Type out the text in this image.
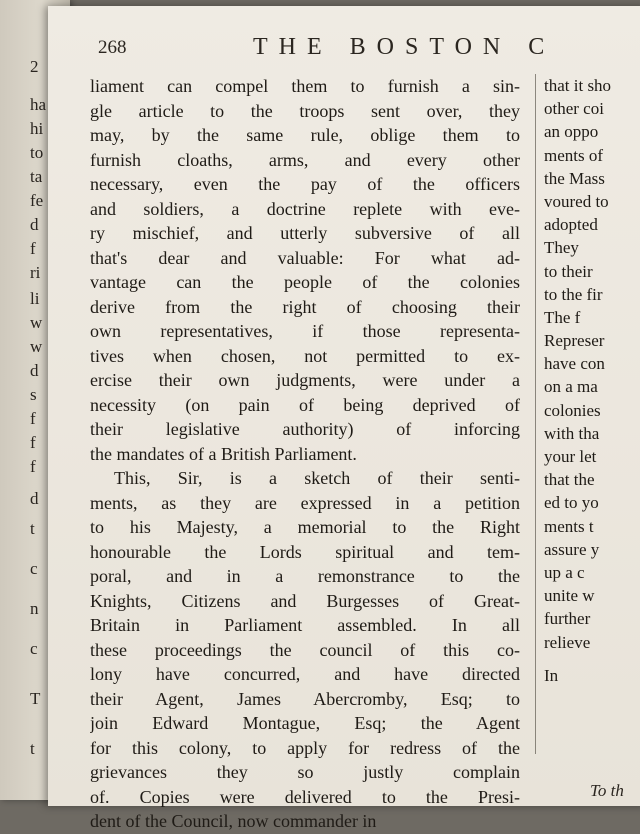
2
ha
hi
to
ta
fe
d
f
ri
li
w
w
d
s
f
f
f
d
t
c
n
c
T
t
268	THE BOSTON C
liament can compel them to furnish a sin-
gle article to the troops sent over, they
may, by the same rule, oblige them to
furnish cloaths, arms, and every other
necessary, even the pay of the officers
and soldiers, a doctrine replete with eve-
ry mischief, and utterly subversive of all
that's dear and valuable: For what ad-
vantage can the people of the colonies
derive from the right of choosing their
own representatives, if those representa-
tives when chosen, not permitted to ex-
ercise their own judgments, were under a
necessity (on pain of being deprived of
their legislative authority) of inforcing
the mandates of a British Parliament.
This, Sir, is a sketch of their senti-
ments, as they are expressed in a petition
to his Majesty, a memorial to the Right
honourable the Lords spiritual and tem-
poral, and in a remonstrance to the
Knights, Citizens and Burgesses of Great-
Britain in Parliament assembled. In all
these proceedings the council of this co-
lony have concurred, and have directed
their Agent, James Abercromby, Esq; to
join Edward Montague, Esq; the Agent
for this colony, to apply for redress of the
grievances they so justly complain
of. Copies were delivered to the Presi-
dent of the Council, now commander in
that it sho
other coi
an oppo
ments of
the Mass
voured to
adopted
They
to their
to the fir
The f
Represer
have con
on a ma
colonies
with tha
your let
that the
ed to yo
ments t
assure y
up a c
unite w
further
relieve
In
To th
